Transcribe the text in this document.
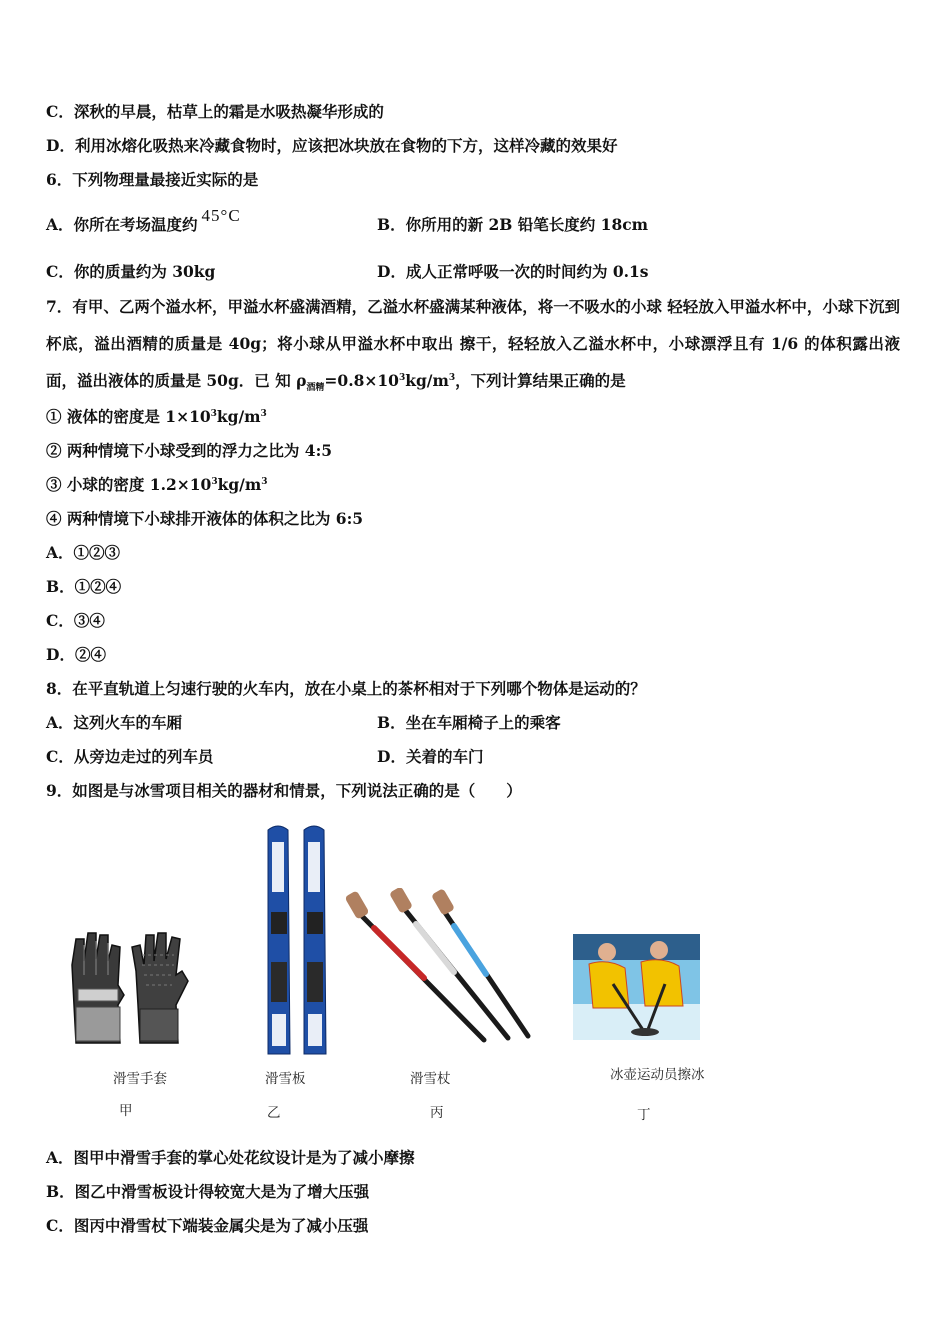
C．深秋的早晨，枯草上的霜是水吸热凝华形成的
D．利用冰熔化吸热来冷藏食物时，应该把冰块放在食物的下方，这样冷藏的效果好
6．下列物理量最接近实际的是
A．你所在考场温度约 45°C	B．你所用的新 2B 铅笔长度约 18cm
C．你的质量约为 30kg	D．成人正常呼吸一次的时间约为 0.1s
7．有甲、乙两个溢水杯，甲溢水杯盛满酒精，乙溢水杯盛满某种液体，将一不吸水的小球 轻轻放入甲溢水杯中，小球下沉到杯底，溢出酒精的质量是 40g；将小球从甲溢水杯中取出 擦干，轻轻放入乙溢水杯中，小球漂浮且有 1/6 的体积露出液面，溢出液体的质量是 50g．已 知 $\rho_{酒精}=0.8\times 10^3kg/m^3$，下列计算结果正确的是
① 液体的密度是 $1\times 10^3kg/m^3$
② 两种情境下小球受到的浮力之比为 4:5
③ 小球的密度 $1.2\times 10^3kg/m^3$
④ 两种情境下小球排开液体的体积之比为 6:5
A．①②③
B．①②④
C．③④
D．②④
8．在平直轨道上匀速行驶的火车内，放在小桌上的茶杯相对于下列哪个物体是运动的？
A．这列火车的车厢	B．坐在车厢椅子上的乘客
C．从旁边走过的列车员	D．关着的车门
9．如图是与冰雪项目相关的器材和情景，下列说法正确的是（　　）
滑雪手套	滑雪板	滑雪杖	冰壶运动员擦冰
甲	乙	丙	丁
A．图甲中滑雪手套的掌心处花纹设计是为了减小摩擦
B．图乙中滑雪板设计得较宽大是为了增大压强
C．图丙中滑雪杖下端装金属尖是为了减小压强
